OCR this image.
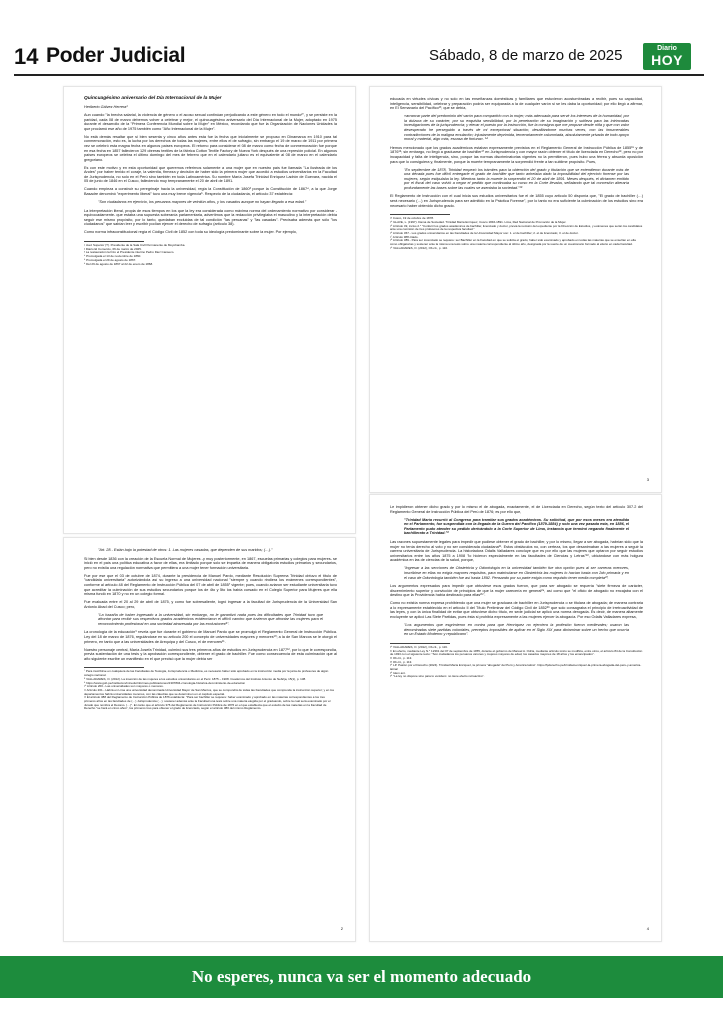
14 Poder Judicial	Sábado, 8 de marzo de 2025	Diario
HOY

Quincuagésimo aniversario del Día Internacional de la Mujer

Heriberto Gálvez Herrera¹

Aun cuando "la brecha salarial, la violencia de género o el acoso sexual continúan perjudicando a este género en todo el mundo²", y se persiste en la paridad, cada 08 de marzo debemos volver a celebrar y mejor, el quincuagésimo aniversario del Día Internacional de la Mujer, adoptado en 1975 durante el desarrollo de la "Primera Conferencia Mundial sobre la Mujer" en México, recordando que fue la Organización de Naciones Unidades la que proclamó ese año de 1975 también como "Año Internacional de la Mujer".

No está demás resaltar que si bien sesenta y cinco años antes esta fue la fecha que inicialmente se propuso en Dinamarca en 1910 para tal conmemoración, esto es, la lucha por los derechos de todas las mujeres, entre ellos el de sufragio, sin embargo el 19 de marzo de 1911 por primera vez se celebró esta magna fecha en algunos países europeos. El retorno para considerar el 08 de marzo como fecha de conmemoración fue porque en esa fecha en 1857 fallecieron 129 obreras textiles de la fábrica Cotton Textile Factory de Nueva York después de una represión policial. En algunos países europeos se celebra el último domingo del mes de febrero que en el calendario juliano es el equivalente al 08 de marzo en el calendario gregoriano.

Es con este motivo y en esta oportunidad que queremos referirnos solamente a una mujer que en nuestro país fue llamada "La ilustrada de los Andes" por haber tenido el coraje, la valentía, firmeza y decisión de haber sido la primera mujer que accedió a estudios universitarios en la Facultad de Jurisprudencia, no solo en el Perú sino también en toda Latinoamérica. Su nombre María Josefa Trinidad Enríquez Ladrón de Guevara, nacida el 05 de junio de 1846 en el Cusco, falleciendo muy tempranamente el 20 de abril de 1891.

Cuando empieza a construir su peregrinaje hacia la universidad, regía la Constitución de 1860³ porque la Constitución de 1867⁴, a la que Jorge Basadre denominó "experimento liberal" tuvo una muy breve vigencia⁵. Respecto de la ciudadanía, el artículo 37 establecía:

"Son ciudadanos en ejercicio, los peruanos mayores de veintiún años, y los casados aunque no hayan llegado a esa edad."

La interpretación literal, propia de esos tiempos en los que la ley era considerada como máxima norma del ordenamiento normativo por considerar -equivocadamente- que estaba una supuesta soberanía parlamentaria, advertimos que la redacción privilegiaba el masculino y la interpretación debía seguir ese mismo propósito, por lo tanto, quedaban excluidas de tal condición "las peruanas" y "las casadas". Precisaba además que sólo "los ciudadanos" que sabían leer y escribir podían ejercer el derecho de sufragio (artículo 38).

Como norma infraconstitucional regía el Código Civil de 1852 con toda su ideología predominante sobre la mujer. Por ejemplo,

¹ Juez Superior (T). Presidente de la Sala Civil Permanente de Moyobamba.

² Diario El Comercio, 06 de marzo de 2025.

³ La restauración la hizo el Presidente interino Pedro Diez Canseco.

⁴ Promulgada el 13 de noviembre de 1860.

⁵ Promulgada el 29 de agosto de 1867.

⁶ Del 29 de agosto de 1867 al 22 de enero de 1868.

"Art. 28.- Están bajo la potestad de otros: 1. Las mujeres casadas, que dependen de sus maridos; (…)."

Si bien desde 1836 con la creación de la Escuela Normal de Mujeres -y muy posteriormente, en 1867, escuelas primarias y colegios para mujeres- se inició en el país una política educativa a favor de ellas, era limitado porque solo se impartía de manera obligatoria estudios primarios y secundarios, pero no existía una regulación normativa que permitiera a una mujer tener formación universitaria.

Fue por ese que el 03 de octubre de 1874, durante la presidencia de Manuel Pardo, mediante Resolución Suprema Trinidad obtuvo el título de "candidata universitaria" autorizándola así su ingreso a una universidad nacional "siempre y cuando rindiera los exámenes correspondientes", conforme al artículo 48 del Reglamento de Instrucción Pública del 07 de abril de 1855⁷ vigente; pues, cuando aviaron ser estudiante universitaria tuvo que acreditar la culminación de sus estudios secundarios porque los de 4to y 5to los había cursado en el Colegio Superior para Mujeres que ella misma fundó en 1870 y no en un colegio formal.

Fue evaluada entre el 20 al 29 de abril de 1875, y como fue sobresaliente, logró ingresar a la facultad de Jurisprudencia de la Universidad San Antonio Abad del Cusco; pero,

"La hazaña de haber ingresado a la universidad, sin embargo, no le garantizó nada pues las dificultades que Trinidad tuvo que afrontar para recibir sus respectivos grados académicos evidenciaron el difícil camino que tuvieron que afrontar las mujeres para el reconocimiento profesional en una sociedad atravesada por las exclusiones⁸".

La cronología de la educación⁹ revela que fue durante el gobierno de Manuel Pardo que se promulgó el Reglamento General de Instrucción Pública. Ley del 18 de marzo de 1876, regulándose en su artículo 200 el concepto de universidades mayores y menores¹⁰; a la de San Marcos se le otorgó el primero, en tanto que a las universidades de Arequipa y del Cusco, el de menores¹¹.

Nuestro personaje central, María Josefa Trinidad, culminó sus tres primeros años de estudios en Jurisprudencia en 1877¹², por lo que le correspondía, previa sustentación de una tesis y la aprobación correspondiente, obtener el grado de bachiller. Fue como consecuencia de esta culminación que al año siguiente escribe un manifiesto en el que precisó que la mujer debía ser

⁷ Para inscribirse en cualquiera de las Facultades de Teología, Jurisprudencia o Medicina, es necesario haber sido aprobado en la instrucción media por la junta de profesores de algún colegio nacional.

⁸ VALLADARES, O. (2012). La inserción de las mujeres a los estudios universitarios en el Perú: 1875 – 1908. Cuadernos del Instituto Antonio de Nebrija, 15(1), p. 138.

⁹ https://www.gob.pe/institucion/minedu/informes-publicaciones/1307804-cronologia-historica-del-ministerio-de-educacion

¹⁰ Artículo 200.- Las universidades son mayores o menores.

¹¹ Artículo 201.- Habrá en Lima una universidad denominada Universidad Mayor de San Marcos, que se compondrá de todas las Facultades que comprende la instrucción superior; y en los departamentos habrá universidades menores, con las cátedras que se determinen en el capítulo especial.

¹² El artículo 388 del Reglamento de Instrucción Pública de 1876 establecía: "Para ser bachiller se requiere: haber examinado y aprobado en las materias correspondientes a los tres primeros años en las facultades de (…) Jurisprudencia (…); sostener además ante la Facultad una tesis sobre una materia elegida por el graduando, sobre la cual será examinado por el Jurado que nombra el Decano. (…)". En tanto que el artículo 376 del Reglamento de Instrucción Pública de 1876 en el que establecía que el estudio de las materias en la Facultad de Derecho "se hará en cinco años", los primeros tres para obtener el grado de licenciado, según el artículo 380 del mismo Reglamento.

2

educada en virtudes cívicas y no solo en las enseñanzas domésticas y familiares que estuvieron acostumbradas a recibir, pues su capacidad, inteligencia, sensibilidad, celebrar y preparación podría ser equiparada a la de cualquier varón si se les daba la oportunidad; por ello llegó a afirmar, en El Semanario del Pacífico¹³, que se debía,

«arrancar parte del predominio del varón para compartirlo con la mujer; más adecuada para servir los intereses de la humanidad, por la dulzura de su carácter, por su exquisita sensibilidad, por la penetración de su imaginación y sutileza para las intrincadas investigaciones de la jurisprudencia; y elevar el puesto por la instrucción, fue la consigna que me propuse desde niña y que con valor desesperado he perseguido a través de mi excepcional situación, desafiándome muchas veces, con las innumerables contradicciones de la maligna emulación; injustamente deprimida, temerariamente calumniada, absolutamente privada de todo apoyo moral y material, algo más, escasa de fortuna». ¹⁴

Hemos mencionado que los grados académicos estaban expresamente previstos en el Reglamento General de Instrucción Pública de 1855¹⁵ y de 1876¹⁶; sin embargo, no llegó a graduarse de bachiller¹⁷ en Jurisprudencia y con mayor razón obtener el título de licenciada en Derecho¹⁸, pero no por incapacidad y falta de inteligencia, sino, porque las normas discriminatorias vigentes no la permitieron, pues hubo una férrea y absurda oposición para que lo consiguiera y, finalmente, porque la muerte tempranamente la sorprendió frente a tan sublime propósito. Pues,

"En septiembre de 1878, Trinidad empezó los trámites para la obtención del grado y titulación que se extendieron durante más de una década pues fue difícil entregarle el grado de bachiller que tanto anhelaba dado la imposibilidad del ejercicio forense por las mujeres, según estipulaba la ley. Mientras tanto la muerte la sorprendió el 20 de abril de 1891. Meses después, el dictamen emitido por el fiscal del caso volvió a negar el pedido que continuaba su curso en la Corte llevaba, señalando que tal concesión alteraría profundamente las bases sobre las cuales se asentaba la sociedad."¹⁹

El Reglamento de Instrucción con el cual inicia sus estudios universitarios fue el de 1855 cuyo artículo 50 disponía que, "El grado de bachiller (…) será necesario (…) en Jurisprudencia para ser admitido en la Práctica Forense", por lo tanto no era suficiente la culminación de los estudios sino era necesario haber obtenido dicho grado.

¹³ Cusco, 19 de octubre de 1878.

¹⁴ GLAVE, L. (1997). Dama de Sociedad. Trinidad María Enríquez, Cusco 1846-1891. Lima, Red Nacional de Promoción de la Mujer.

¹⁵ Artículo 49, inciso 2.° "Conferir los grados académicos de bachiller, licenciado y doctor, previa la revisión del expediente por la Dirección de Estudios, y exámenes que serán los candidatos ante una comisión de tres profesores de la respectiva facultad."

¹⁶ Artículo 367.- Los grados universitarios en las Facultades de la Universidad Mayor son: 1. el de bachiller; 2. el de licenciado; 3. el de doctor.

¹⁷ Artículo 388 citado.

¹⁸ Artículo 389.- Para ser Licenciado se requiere: ser Bachiller en la Facultad en que se solicita el grado; haber sido examinado y aprobado en todas las materias que se enseñan en ella como obligatorias y sostener ante la misma una tesis sobre una materia correspondiente al último año, designada por la suerte de un cuestionario formado al efecto en cada Facultad.

¹⁹ VALLADARES, O. (2012), Ob.cit., p. 116.

3

Le impidieron obtener dicho grado y por lo mismo el de abogada, exactamente, el de Licenciada en Derecho, según texto del artículo 307.2 del Reglamento General de Instrucción Pública del Perú de 1876; es por ello que,

"Trinidad María recurrió al Congreso para tramitar sus grados académicos. Su solicitud, que por esos meses era atendida en el Parlamento, fue suspendida con la llegada de la Guerra del Pacífico (1879-1884) y solo una vez pasada esta, en 1886, el Parlamento pudo atender su pedido derivándolo a la Corte Superior de Lima, instancia que terminó negando finalmente el bachillerato a Trinidad.²⁰

Las razones supuestamente legales para impedir que pudiese obtener el grado de bachiller, y por lo mismo, llegar a ser abogada, habrían sido que la mujer no tenía derecho al voto y no ser considerada ciudadana²¹. Estos obstáculos no, con certeza, los que desanimaban a las mujeres a seguir la carrera universitaria de Jurisprudencia. La historiadora Odalis Valladares concluye que es por ello que las mujeres que optaron por seguir estudios universitarios entre los años 1875 a 1908 "lo hicieron especialmente en las facultades de Ciencias y Letras"²², ubicándose con más holgura académica en las de ciencias de la salud, porque,

"Ingresar a las secciones de Obstetricia y Odontología en la universidad también fue otra opción pues al ser carreras menores, inscribirse en ellas no exigía mayores requisitos, para matricularse en Obstetricia las mujeres lo hacían hasta con 2do primaria y en el caso de Odontología también fue así hasta 1892. Pensando por su parte exigía como requisito tener media completa²³.

Los argumentos expresados para impedir que obtuviese esos grados fueron, que para ser abogado se requería "siete firmeza de carácter, discernimiento superior y convicción de principios de que la mujer carecería en general²⁴, así como que "el oficio de abogado no encajaba con el destino que la Providencia había destinado para ellas²⁵".

Como no existía norma expresa prohibiendo que una mujer se graduara de bachiller en Jurisprudencia o se titulara de abogada; de manera contraria a lo expresamente establecido en el artículo II del Título Preliminar del Código Civil de 1852²⁶ que solo consagraba el principio de irretroactividad de las leyes, y con la única finalidad de evitar que obtuviese dicho título, en sede judicial se aplicó una norma derogada. Es decir, de manera altamente excluyente se aplicó Las Siete Partidas, pues ésta si prohibía expresamente a las mujeres ejercer la abogacía. Por eso Odalis Valladares expresa,

"Los argumentos que esgrimieron en contra para que Henríquez no ejerciera la profesión fueron medievales; usaron las denominadas siete partidas coloniales, preceptos imposibles de aplicar en el Siglo XIX para dictaminar sobre un hecho que ocurría en un Estado Moderno y republicano".

²⁰ VALLADARES, O. (2012), Ob.cit., p. 116.

²¹ En efecto, mediante Ley N.° 12391 del 07 de septiembre de 1955, durante el gobierno de Manuel A. Odría, mediante artículo único se modifica, entre otros, el artículo 84 de la Constitución de 1933 con el siguiente texto: "Son ciudadanos los peruanos varones y mujeres mayores de edad, los casados mayores de 18 años y los emancipados".

²² Ob.cit., p. 113.

²³ Ob.cit., p. 113.

²⁴ LP. Pasión por el Derecho (2024). Trinidad María Enríquez, la primera "abogada" del Perú y América latina". https://lpderecho.pe/trinidad-enriquez-la-primera-abogada-del-peru-y-america-latina/

²⁵ Idem ant.

²⁶ "La ley no dispone sino para lo venidero: no tiene efecto retroactivo".

4
No esperes, nunca va ser el momento adecuado
